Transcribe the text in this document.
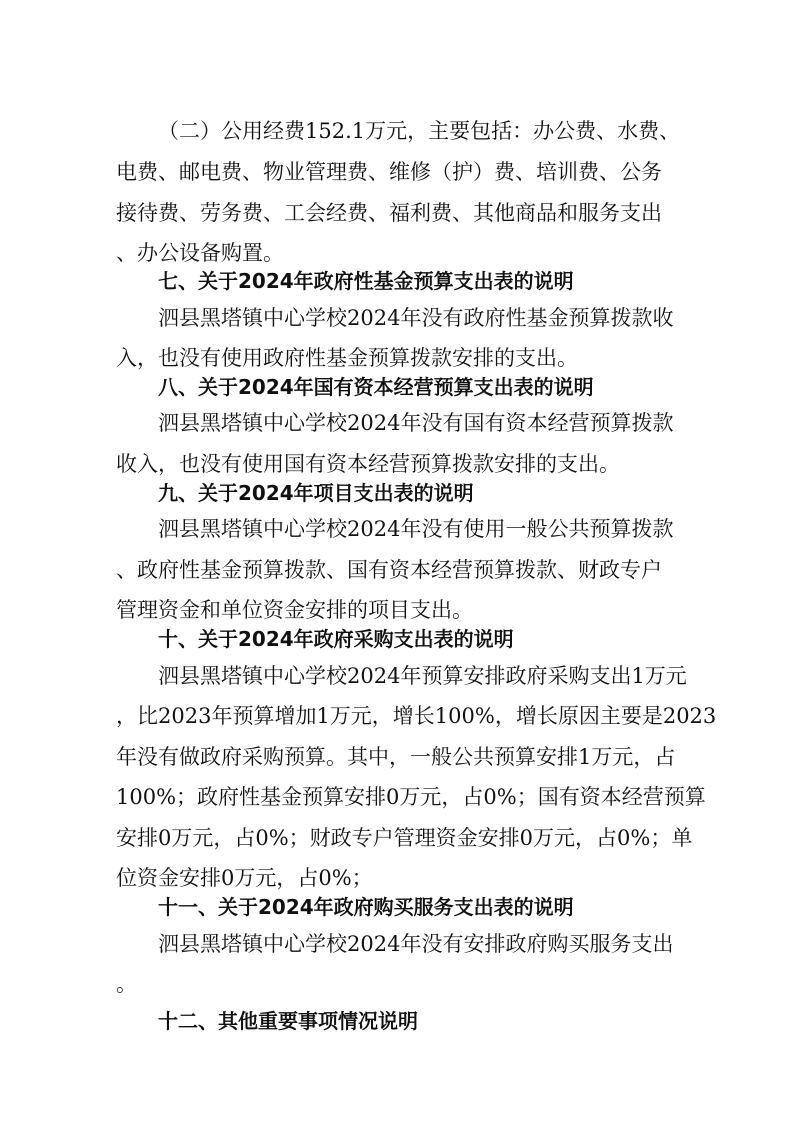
（二）公用经费152.1万元，主要包括：办公费、水费、
电费、邮电费、物业管理费、维修（护）费、培训费、公务
接待费、劳务费、工会经费、福利费、其他商品和服务支出
、办公设备购置。
七、关于2024年政府性基金预算支出表的说明
泗县黑塔镇中心学校2024年没有政府性基金预算拨款收
入，也没有使用政府性基金预算拨款安排的支出。
八、关于2024年国有资本经营预算支出表的说明
泗县黑塔镇中心学校2024年没有国有资本经营预算拨款
收入，也没有使用国有资本经营预算拨款安排的支出。
九、关于2024年项目支出表的说明
泗县黑塔镇中心学校2024年没有使用一般公共预算拨款
、政府性基金预算拨款、国有资本经营预算拨款、财政专户
管理资金和单位资金安排的项目支出。
十、关于2024年政府采购支出表的说明
泗县黑塔镇中心学校2024年预算安排政府采购支出1万元
，比2023年预算增加1万元，增长100%，增长原因主要是2023
年没有做政府采购预算。其中，一般公共预算安排1万元，占
100%；政府性基金预算安排0万元，占0%；国有资本经营预算
安排0万元，占0%；财政专户管理资金安排0万元，占0%；单
位资金安排0万元，占0%；
十一、关于2024年政府购买服务支出表的说明
泗县黑塔镇中心学校2024年没有安排政府购买服务支出
。
十二、其他重要事项情况说明
